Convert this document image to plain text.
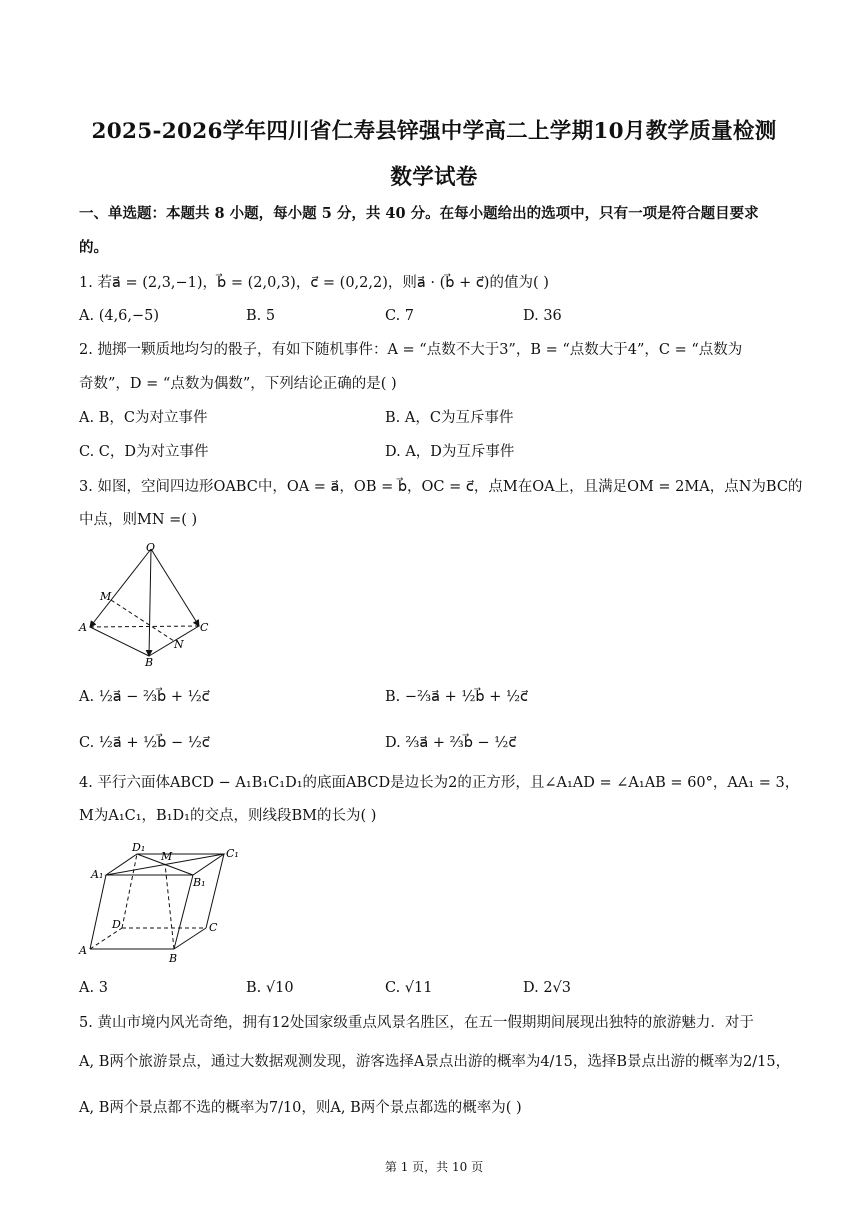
2025-2026学年四川省仁寿县锌强中学高二上学期10月教学质量检测
数学试卷
一、单选题：本题共 8 小题，每小题 5 分，共 40 分。在每小题给出的选项中，只有一项是符合题目要求
的。
1. 若a⃗ = (2,3,−1)，b⃗ = (2,0,3)，c⃗ = (0,2,2)，则a⃗ · (b⃗ + c⃗)的值为( )
A. (4,6,−5)	B. 5	C. 7	D. 36
2. 抛掷一颗质地均匀的骰子，有如下随机事件：A = “点数不大于3”，B = “点数大于4”，C = “点数为
奇数”，D = “点数为偶数”，下列结论正确的是( )
A. B，C为对立事件	B. A，C为互斥事件
C. C，D为对立事件	D. A，D为互斥事件
3. 如图，空间四边形OABC中，OA = a⃗，OB = b⃗，OC = c⃗，点M在OA上，且满足OM = 2MA，点N为BC的
中点，则MN =( )
O
M
A	C
N
B
A. ½a⃗ − ⅔b⃗ + ½c⃗	B. −⅔a⃗ + ½b⃗ + ½c⃗
C. ½a⃗ + ½b⃗ − ½c⃗	D. ⅔a⃗ + ⅔b⃗ − ½c⃗
4. 平行六面体ABCD − A₁B₁C₁D₁的底面ABCD是边长为2的正方形，且∠A₁AD = ∠A₁AB = 60°，AA₁ = 3，
M为A₁C₁，B₁D₁的交点，则线段BM的长为( )
D₁
M	C₁
A₁
B₁
D	C
A
B
A. 3	B. √10	C. √11	D. 2√3
5. 黄山市境内风光奇绝，拥有12处国家级重点风景名胜区，在五一假期期间展现出独特的旅游魅力．对于
A, B两个旅游景点，通过大数据观测发现，游客选择A景点出游的概率为4/15，选择B景点出游的概率为2/15，
A, B两个景点都不选的概率为7/10，则A, B两个景点都选的概率为( )
第 1 页，共 10 页
